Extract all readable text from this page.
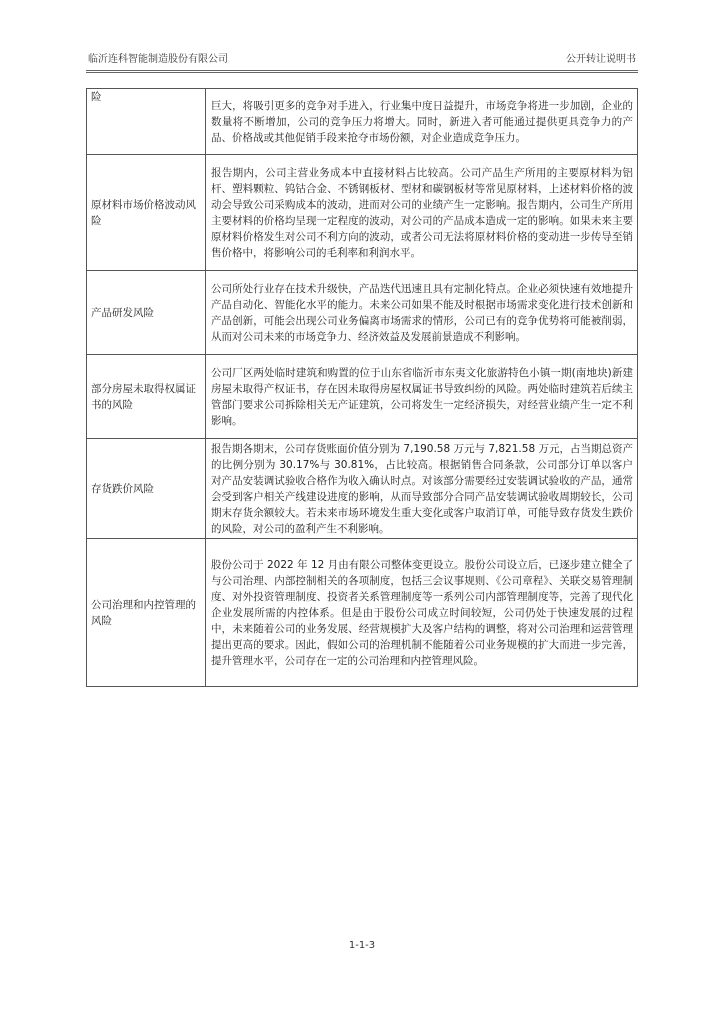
临沂连科智能制造股份有限公司	公开转让说明书
险	巨大，将吸引更多的竞争对手进入，行业集中度日益提升，市场竞争将进一步加剧，企业的数量将不断增加，公司的竞争压力将增大。同时，新进入者可能通过提供更具竞争力的产品、价格战或其他促销手段来抢夺市场份额，对企业造成竞争压力。
原材料市场价格波动风险	报告期内，公司主营业务成本中直接材料占比较高。公司产品生产所用的主要原材料为铝杆、塑料颗粒、钨钴合金、不锈钢板材、型材和碳钢板材等常见原材料，上述材料价格的波动会导致公司采购成本的波动，进而对公司的业绩产生一定影响。报告期内，公司生产所用主要材料的价格均呈现一定程度的波动，对公司的产品成本造成一定的影响。如果未来主要原材料价格发生对公司不利方向的波动，或者公司无法将原材料价格的变动进一步传导至销售价格中，将影响公司的毛利率和利润水平。
产品研发风险	公司所处行业存在技术升级快，产品迭代迅速且具有定制化特点。企业必须快速有效地提升产品自动化、智能化水平的能力。未来公司如果不能及时根据市场需求变化进行技术创新和产品创新，可能会出现公司业务偏离市场需求的情形，公司已有的竞争优势将可能被削弱，从而对公司未来的市场竞争力、经济效益及发展前景造成不利影响。
部分房屋未取得权属证书的风险	公司厂区两处临时建筑和购置的位于山东省临沂市东夷文化旅游特色小镇一期(南地块)新建房屋未取得产权证书，存在因未取得房屋权属证书导致纠纷的风险。两处临时建筑若后续主管部门要求公司拆除相关无产证建筑，公司将发生一定经济损失，对经营业绩产生一定不利影响。
存货跌价风险	报告期各期末，公司存货账面价值分别为 7,190.58 万元与 7,821.58 万元，占当期总资产的比例分别为 30.17%与 30.81%，占比较高。根据销售合同条款，公司部分订单以客户对产品安装调试验收合格作为收入确认时点。对该部分需要经过安装调试验收的产品，通常会受到客户相关产线建设进度的影响，从而导致部分合同产品安装调试验收周期较长，公司期末存货余额较大。若未来市场环境发生重大变化或客户取消订单，可能导致存货发生跌价的风险，对公司的盈利产生不利影响。
公司治理和内控管理的风险	股份公司于 2022 年 12 月由有限公司整体变更设立。股份公司设立后，已逐步建立健全了与公司治理、内部控制相关的各项制度，包括三会议事规则、《公司章程》、关联交易管理制度、对外投资管理制度、投资者关系管理制度等一系列公司内部管理制度等，完善了现代化企业发展所需的内控体系。但是由于股份公司成立时间较短，公司仍处于快速发展的过程中，未来随着公司的业务发展、经营规模扩大及客户结构的调整，将对公司治理和运营管理提出更高的要求。因此，假如公司的治理机制不能随着公司业务规模的扩大而进一步完善，提升管理水平，公司存在一定的公司治理和内控管理风险。
1-1-3
